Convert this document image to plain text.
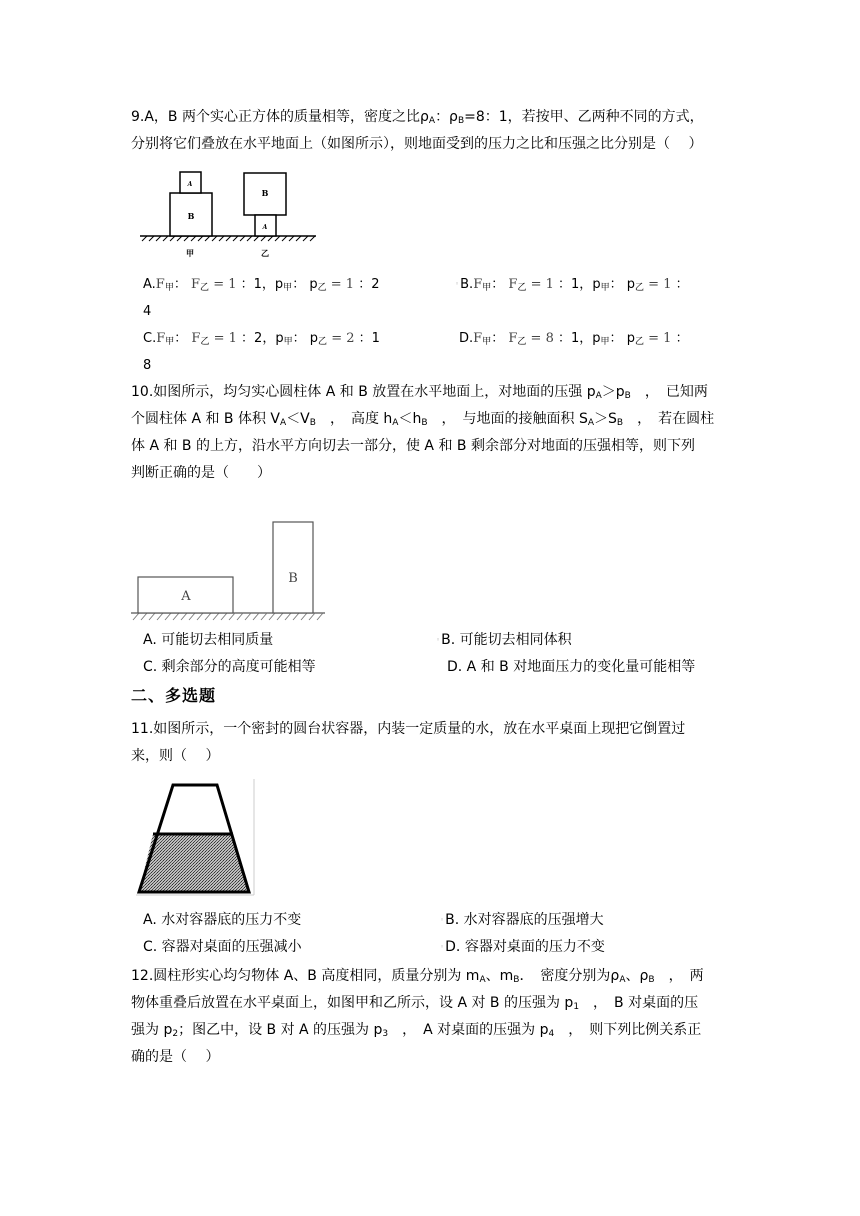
9.A，B 两个实心正方体的质量相等，密度之比$\rho_A$：$\rho_B=8$：1，若按甲、乙两种不同的方式，

分别将它们叠放在水平地面上（如图所示），则地面受到的压力之比和压强之比分别是（　 ）

B
A
B
A
甲	乙
$A.F_甲$： $F_乙 = 1$ ：1，$p_甲$： $p_乙 = 1$ ：2	$◦B.F_甲$： $F_乙 = 1$ ：1，$p_甲$： $p_乙 = 1$ ：
4
$C.F_甲$： $F_乙 = 1$ ：2，$p_甲$： $p_乙 = 2$ ：1	$D.F_甲$： $F_乙 = 8$ ：1，$p_甲$： $p_乙 = 1$ ：
8

10.如图所示，均匀实心圆柱体 A 和 B 放置在水平地面上，对地面的压强 $p_A>p_B$　，　已知两

个圆柱体 A 和 B 体积 $V_A<V_B$　，　高度 $h_A<h_B$　，　与地面的接触面积 $S_A>S_B$　，　若在圆柱

体 A 和 B 的上方，沿水平方向切去一部分，使 A 和 B 剩余部分对地面的压强相等，则下列

判断正确的是（　　）

A
B
A. 可能切去相同质量	◦B. 可能切去相同体积
C. 剩余部分的高度可能相等	D. A 和 B 对地面压力的变化量可能相等
二、多选题

11.如图所示，一个密封的圆台状容器，内装一定质量的水，放在水平桌面上现把它倒置过

来，则（　 ）

A. 水对容器底的压力不变	◦B. 水对容器底的压强增大
C. 容器对桌面的压强减小	◦D. 容器对桌面的压力不变

12.圆柱形实心均匀物体 A、B 高度相同，质量分别为 $m_A$、$m_B$．　密度分别为$\rho_A$、$\rho_B$　，　两

物体重叠后放置在水平桌面上，如图甲和乙所示，设 A 对 B 的压强为 $p_1$　，　B 对桌面的压

强为 $p_2$；图乙中，设 B 对 A 的压强为 $p_3$　，　A 对桌面的压强为 $p_4$　，　则下列比例关系正

确的是（　 ）
